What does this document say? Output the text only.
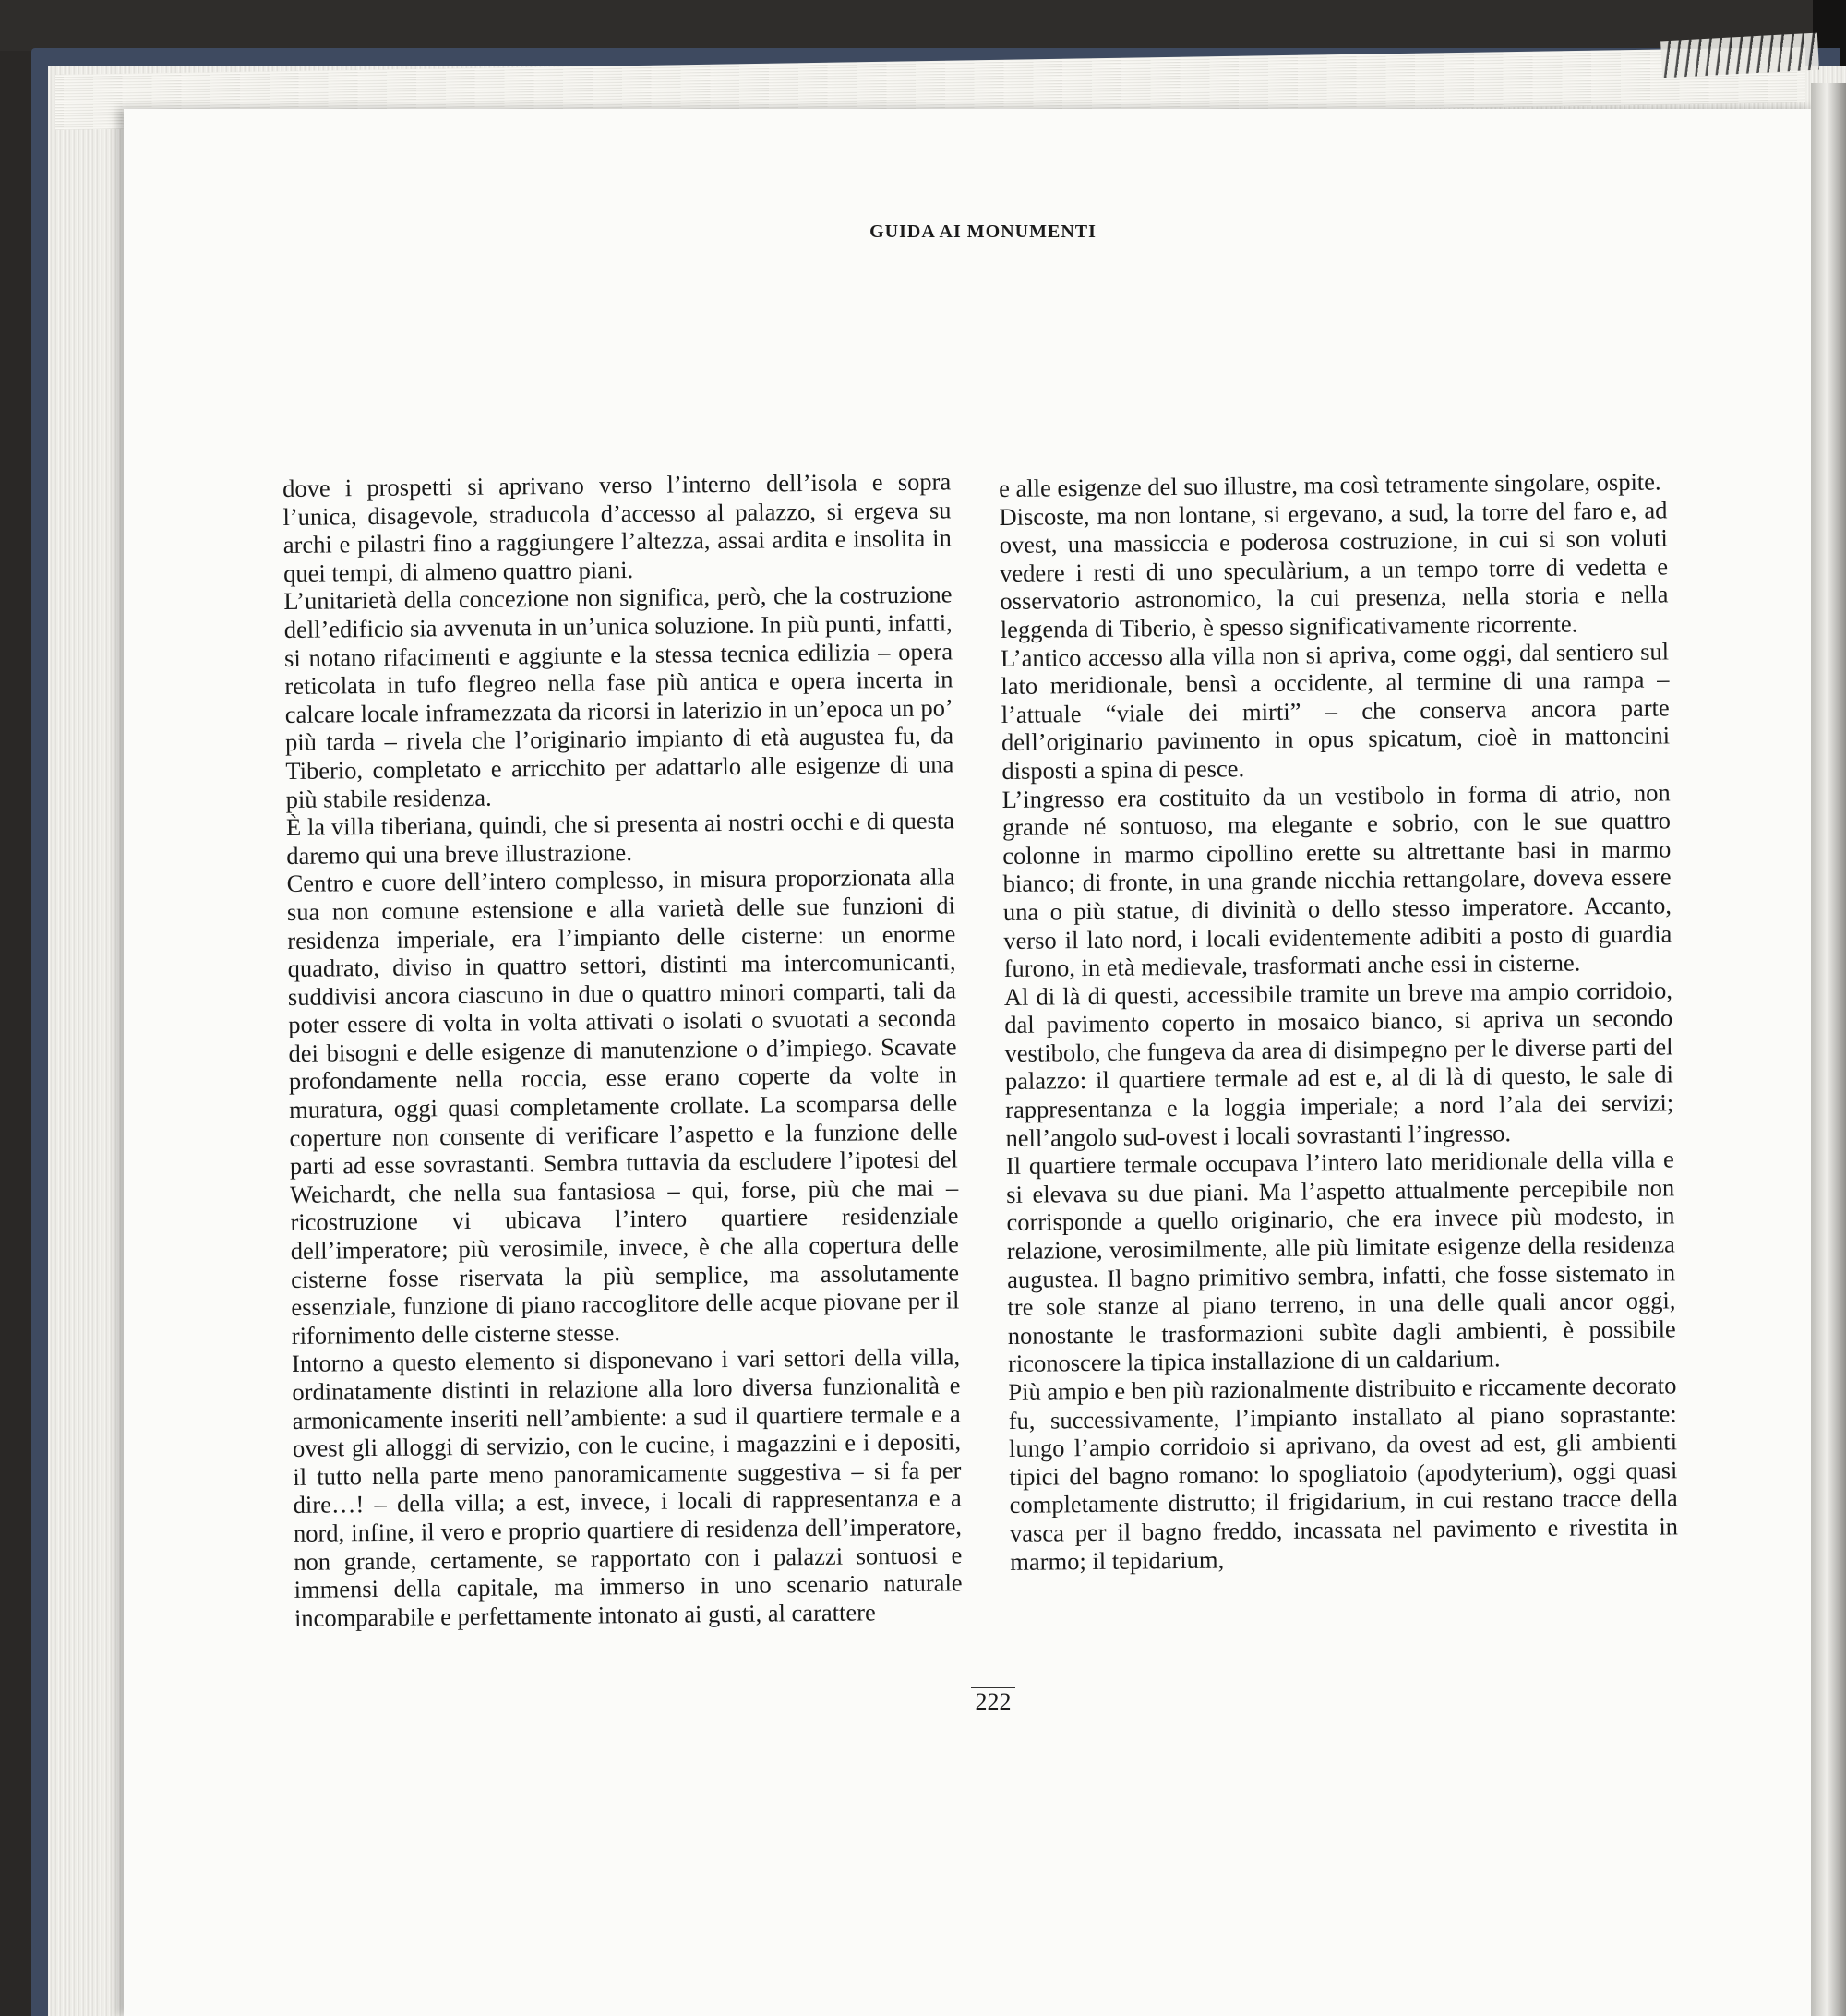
GUIDA AI MONUMENTI

dove i prospetti si aprivano verso l’interno dell’isola e sopra l’unica, disagevole, straducola d’accesso al palazzo, si ergeva su archi e pilastri fino a raggiungere l’altezza, assai ardita e insolita in quei tempi, di almeno quattro piani.

L’unitarietà della concezione non significa, però, che la costruzione dell’edificio sia avvenuta in un’unica soluzione. In più punti, infatti, si notano rifacimenti e aggiunte e la stessa tecnica edilizia – opera reticolata in tufo flegreo nella fase più antica e opera incerta in calcare locale inframezzata da ricorsi in laterizio in un’epoca un po’ più tarda – rivela che l’originario impianto di età augustea fu, da Tiberio, completato e arricchito per adattarlo alle esigenze di una più stabile residenza.

È la villa tiberiana, quindi, che si presenta ai nostri occhi e di questa daremo qui una breve illustrazione.

Centro e cuore dell’intero complesso, in misura proporzionata alla sua non comune estensione e alla varietà delle sue funzioni di residenza imperiale, era l’impianto delle cisterne: un enorme quadrato, diviso in quattro settori, distinti ma intercomunicanti, suddivisi ancora ciascuno in due o quattro minori comparti, tali da poter essere di volta in volta attivati o isolati o svuotati a seconda dei bisogni e delle esigenze di manutenzione o d’impiego. Scavate profondamente nella roccia, esse erano coperte da volte in muratura, oggi quasi completamente crollate. La scomparsa delle coperture non consente di verificare l’aspetto e la funzione delle parti ad esse sovrastanti. Sembra tuttavia da escludere l’ipotesi del Weichardt, che nella sua fantasiosa – qui, forse, più che mai – ricostruzione vi ubicava l’intero quartiere residenziale dell’imperatore; più verosimile, invece, è che alla copertura delle cisterne fosse riservata la più semplice, ma assolutamente essenziale, funzione di piano raccoglitore delle acque piovane per il rifornimento delle cisterne stesse.

Intorno a questo elemento si disponevano i vari settori della villa, ordinatamente distinti in relazione alla loro diversa funzionalità e armonicamente inseriti nell’ambiente: a sud il quartiere termale e a ovest gli alloggi di servizio, con le cucine, i magazzini e i depositi, il tutto nella parte meno panoramicamente suggestiva – si fa per dire…! – della villa; a est, invece, i locali di rappresentanza e a nord, infine, il vero e proprio quartiere di residenza dell’imperatore, non grande, certamente, se rapportato con i palazzi sontuosi e immensi della capitale, ma immerso in uno scenario naturale incomparabile e perfettamente intonato ai gusti, al carattere

e alle esigenze del suo illustre, ma così tetramente singolare, ospite.

Discoste, ma non lontane, si ergevano, a sud, la torre del faro e, ad ovest, una massiccia e poderosa costruzione, in cui si son voluti vedere i resti di uno speculàrium, a un tempo torre di vedetta e osservatorio astronomico, la cui presenza, nella storia e nella leggenda di Tiberio, è spesso significativamente ricorrente.

L’antico accesso alla villa non si apriva, come oggi, dal sentiero sul lato meridionale, bensì a occidente, al termine di una rampa – l’attuale “viale dei mirti” – che conserva ancora parte dell’originario pavimento in opus spicatum, cioè in mattoncini disposti a spina di pesce.

L’ingresso era costituito da un vestibolo in forma di atrio, non grande né sontuoso, ma elegante e sobrio, con le sue quattro colonne in marmo cipollino erette su altrettante basi in marmo bianco; di fronte, in una grande nicchia rettangolare, doveva essere una o più statue, di divinità o dello stesso imperatore. Accanto, verso il lato nord, i locali evidentemente adibiti a posto di guardia furono, in età medievale, trasformati anche essi in cisterne.

Al di là di questi, accessibile tramite un breve ma ampio corridoio, dal pavimento coperto in mosaico bianco, si apriva un secondo vestibolo, che fungeva da area di disimpegno per le diverse parti del palazzo: il quartiere termale ad est e, al di là di questo, le sale di rappresentanza e la loggia imperiale; a nord l’ala dei servizi; nell’angolo sud-ovest i locali sovrastanti l’ingresso.

Il quartiere termale occupava l’intero lato meridionale della villa e si elevava su due piani. Ma l’aspetto attualmente percepibile non corrisponde a quello originario, che era invece più modesto, in relazione, verosimilmente, alle più limitate esigenze della residenza augustea. Il bagno primitivo sembra, infatti, che fosse sistemato in tre sole stanze al piano terreno, in una delle quali ancor oggi, nonostante le trasformazioni subìte dagli ambienti, è possibile riconoscere la tipica installazione di un caldarium.

Più ampio e ben più razionalmente distribuito e riccamente decorato fu, successivamente, l’impianto installato al piano soprastante: lungo l’ampio corridoio si aprivano, da ovest ad est, gli ambienti tipici del bagno romano: lo spogliatoio (apodyterium), oggi quasi completamente distrutto; il frigidarium, in cui restano tracce della vasca per il bagno freddo, incassata nel pavimento e rivestita in marmo; il tepidarium,

222
